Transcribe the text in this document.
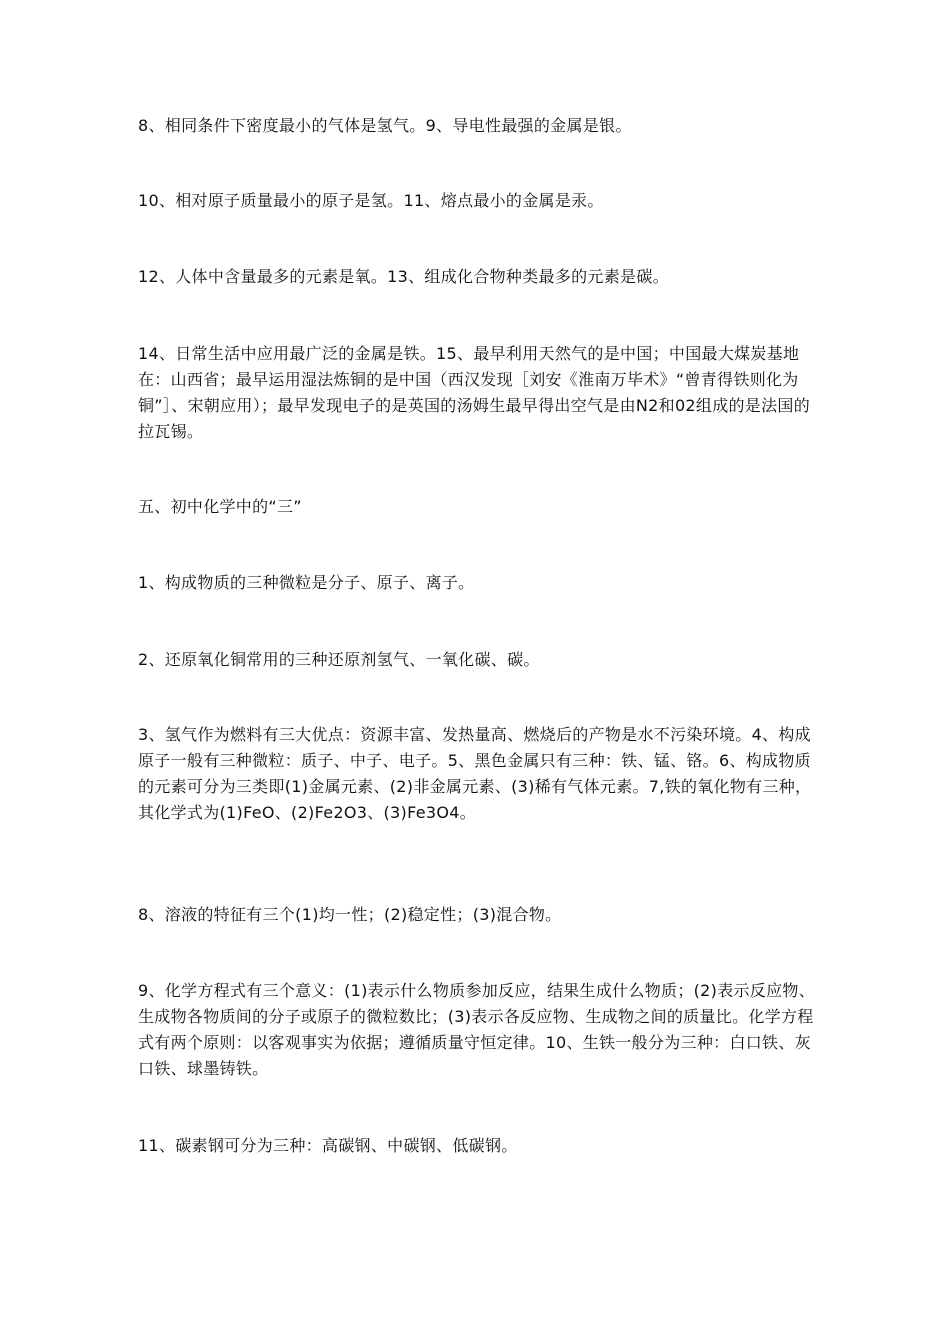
8、相同条件下密度最小的气体是氢气。9、导电性最强的金属是银。

10、相对原子质量最小的原子是氢。11、熔点最小的金属是汞。

12、人体中含量最多的元素是氧。13、组成化合物种类最多的元素是碳。

14、日常生活中应用最广泛的金属是铁。15、最早利用天然气的是中国；中国最大煤炭基地在：山西省；最早运用湿法炼铜的是中国（西汉发现［刘安《淮南万毕术》“曾青得铁则化为铜”］、宋朝应用）；最早发现电子的是英国的汤姆生最早得出空气是由N2和02组成的是法国的拉瓦锡。

五、初中化学中的“三”

1、构成物质的三种微粒是分子、原子、离子。

2、还原氧化铜常用的三种还原剂氢气、一氧化碳、碳。

3、氢气作为燃料有三大优点：资源丰富、发热量高、燃烧后的产物是水不污染环境。4、构成原子一般有三种微粒：质子、中子、电子。5、黑色金属只有三种：铁、锰、铬。6、构成物质的元素可分为三类即(1)金属元素、(2)非金属元素、(3)稀有气体元素。7,铁的氧化物有三种，其化学式为(1)FeO、(2)Fe2O3、(3)Fe3O4。

8、溶液的特征有三个(1)均一性；(2)稳定性；(3)混合物。

9、化学方程式有三个意义：(1)表示什么物质参加反应，结果生成什么物质；(2)表示反应物、生成物各物质间的分子或原子的微粒数比；(3)表示各反应物、生成物之间的质量比。化学方程式有两个原则：以客观事实为依据；遵循质量守恒定律。10、生铁一般分为三种：白口铁、灰口铁、球墨铸铁。

11、碳素钢可分为三种：高碳钢、中碳钢、低碳钢。
